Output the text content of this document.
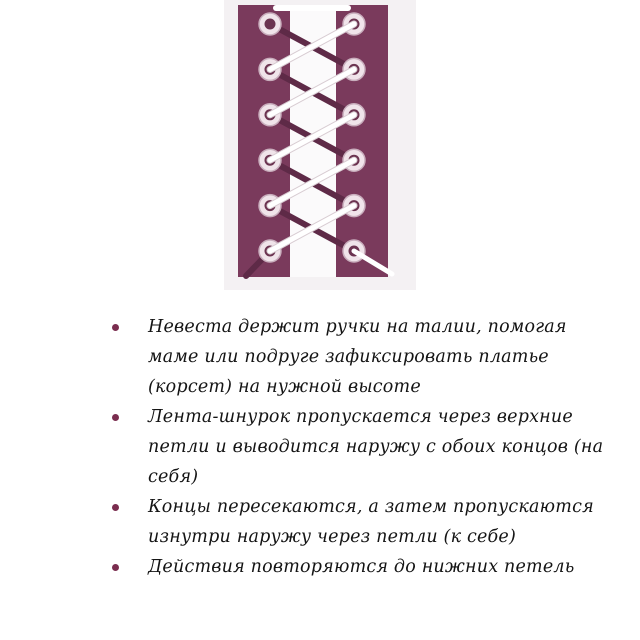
Невеста держит ручки на талии, помогая маме или подруге зафиксировать платье (корсет) на нужной высоте
Лента-шнурок пропускается через верхние петли и выводится наружу с обоих концов (на себя)
Концы пересекаются, а затем пропускаются изнутри наружу через петли (к себе)
Действия повторяются до нижних петель
